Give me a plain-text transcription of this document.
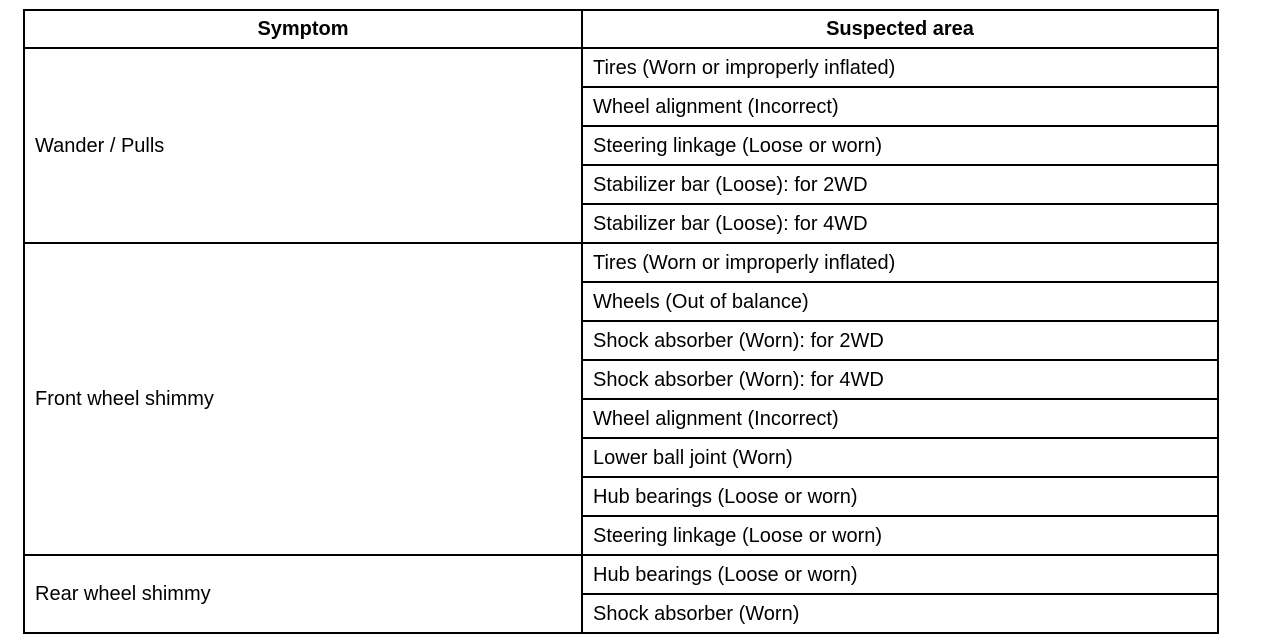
Symptom	Suspected area
Wander / Pulls	Tires (Worn or improperly inflated)
	Wheel alignment (Incorrect)
	Steering linkage (Loose or worn)
	Stabilizer bar (Loose): for 2WD
	Stabilizer bar (Loose): for 4WD
Front wheel shimmy	Tires (Worn or improperly inflated)
	Wheels (Out of balance)
	Shock absorber (Worn): for 2WD
	Shock absorber (Worn): for 4WD
	Wheel alignment (Incorrect)
	Lower ball joint (Worn)
	Hub bearings (Loose or worn)
	Steering linkage (Loose or worn)
Rear wheel shimmy	Hub bearings (Loose or worn)
	Shock absorber (Worn)
